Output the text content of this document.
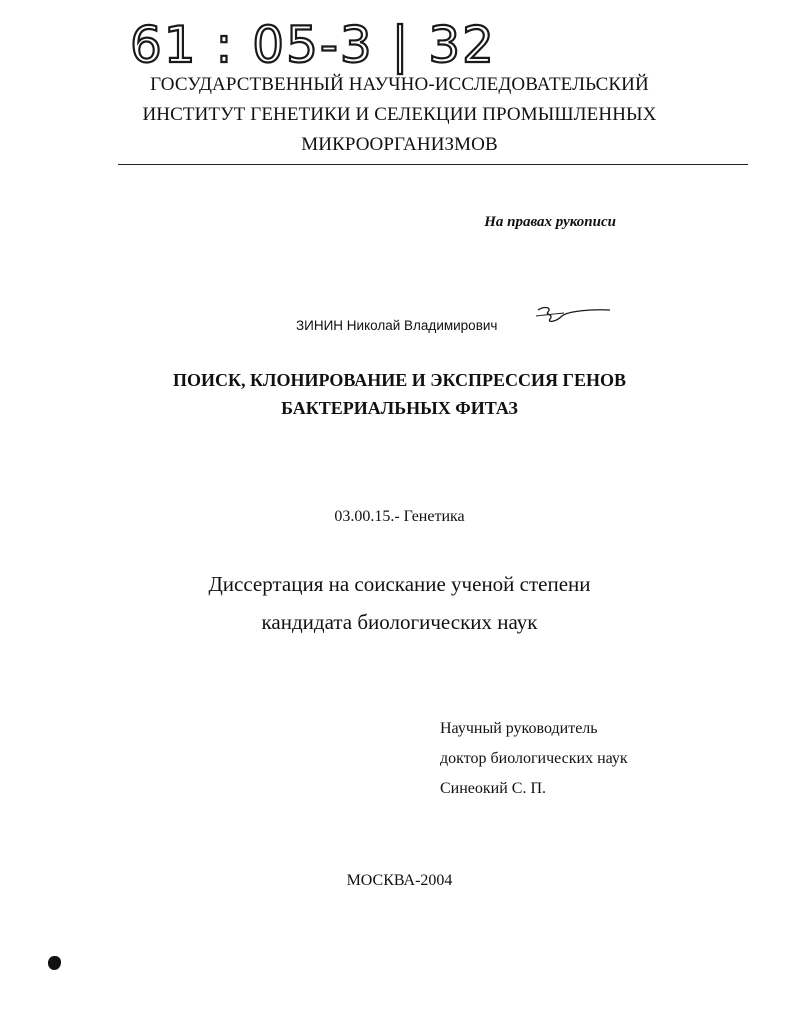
61 : 05-3 | 32
ГОСУДАРСТВЕННЫЙ НАУЧНО-ИССЛЕДОВАТЕЛЬСКИЙ
ИНСТИТУТ ГЕНЕТИКИ И СЕЛЕКЦИИ ПРОМЫШЛЕННЫХ
МИКРООРГАНИЗМОВ
На правах рукописи
ЗИНИН Николай Владимирович
ПОИСК, КЛОНИРОВАНИЕ И ЭКСПРЕССИЯ ГЕНОВ
БАКТЕРИАЛЬНЫХ ФИТАЗ
03.00.15.- Генетика
Диссертация на соискание ученой степени
кандидата биологических наук
Научный руководитель
доктор биологических наук
Синеокий С. П.
МОСКВА-2004
